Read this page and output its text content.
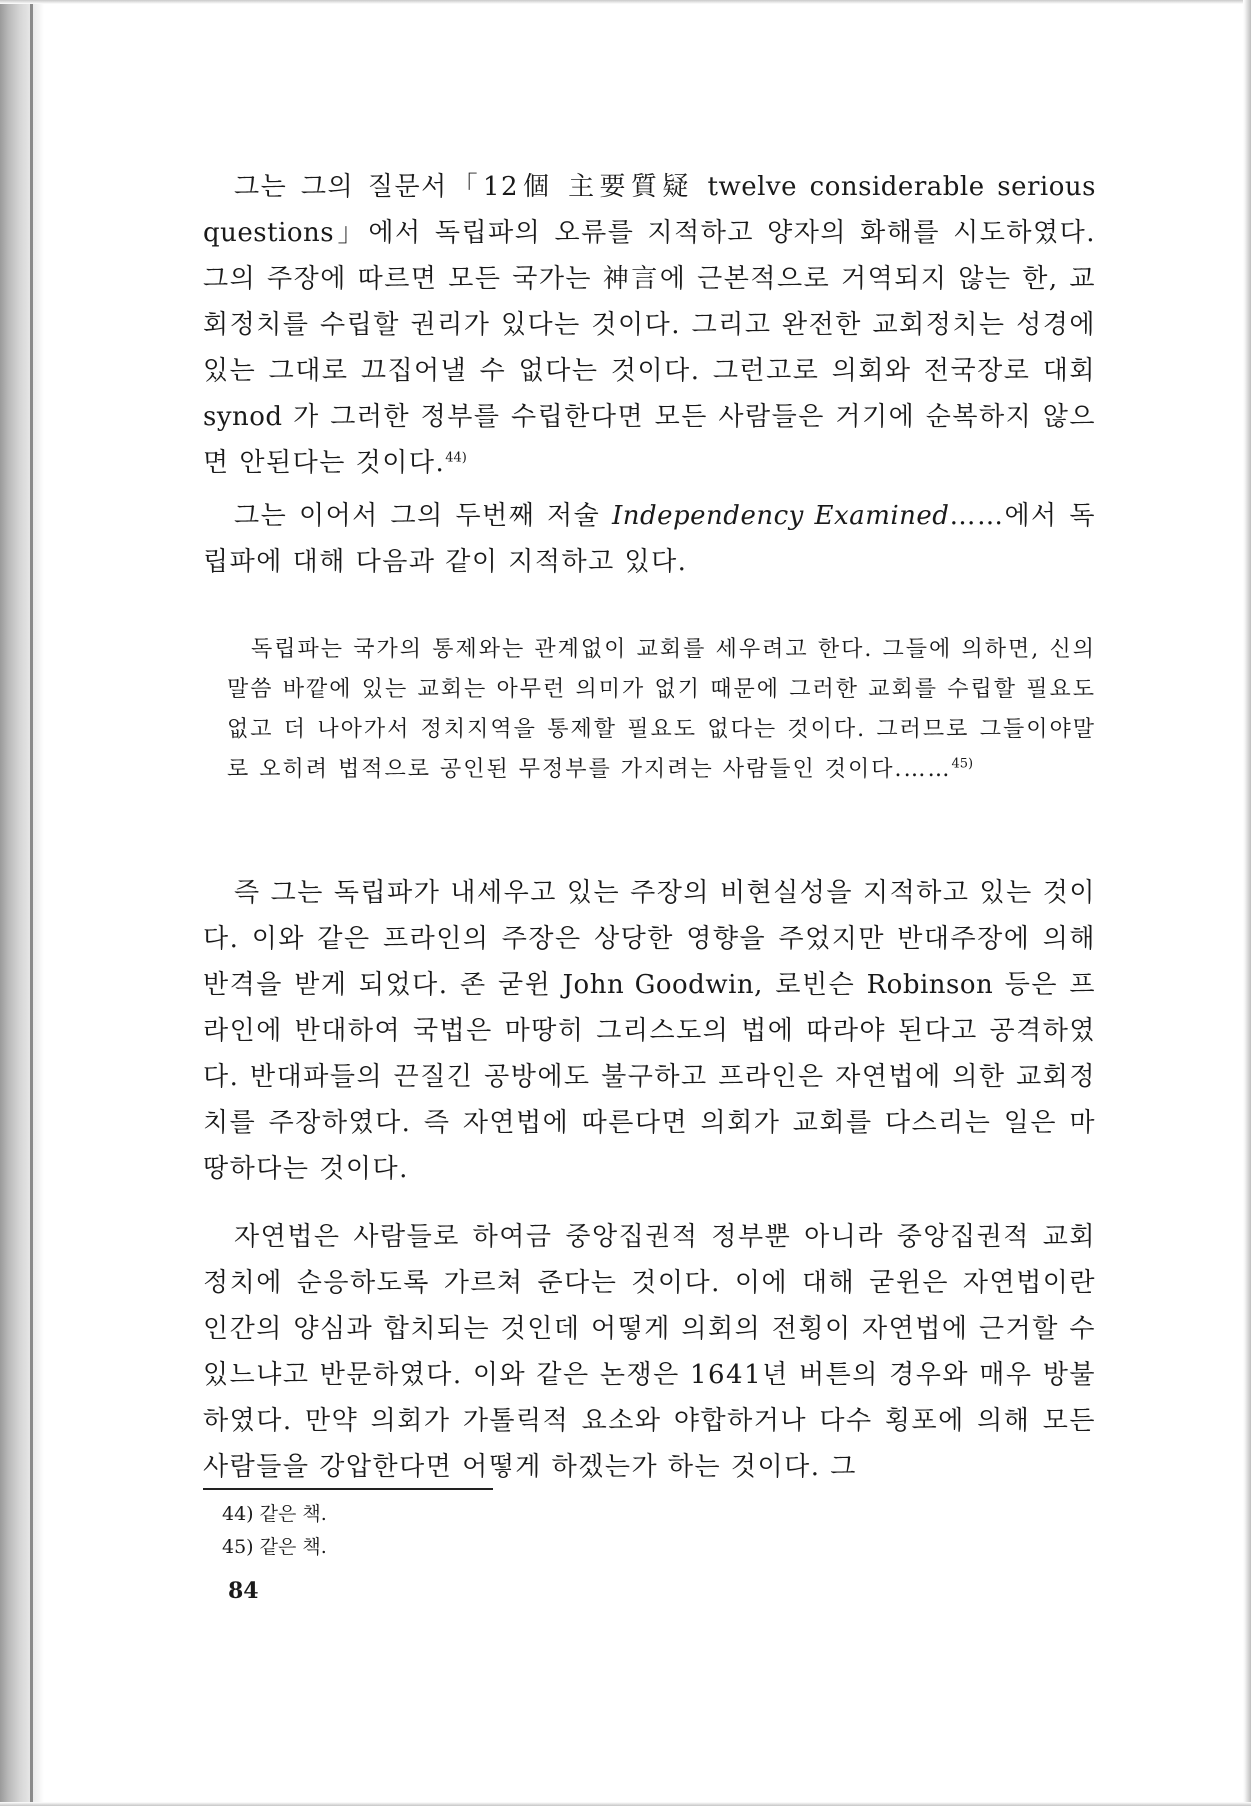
그는 그의 질문서「12個 主要質疑 twelve considerable serious questions」에서 독립파의 오류를 지적하고 양자의 화해를 시도하였다. 그의 주장에 따르면 모든 국가는 神言에 근본적으로 거역되지 않는 한, 교회정치를 수립할 권리가 있다는 것이다. 그리고 완전한 교회정치는 성경에 있는 그대로 끄집어낼 수 없다는 것이다. 그런고로 의회와 전국장로 대회 synod 가 그러한 정부를 수립한다면 모든 사람들은 거기에 순복하지 않으면 안된다는 것이다.$^{44)}$

그는 이어서 그의 두번째 저술 Independency Examined……에서 독립파에 대해 다음과 같이 지적하고 있다.

독립파는 국가의 통제와는 관계없이 교회를 세우려고 한다. 그들에 의하면, 신의 말씀 바깥에 있는 교회는 아무런 의미가 없기 때문에 그러한 교회를 수립할 필요도 없고 더 나아가서 정치지역을 통제할 필요도 없다는 것이다. 그러므로 그들이야말로 오히려 법적으로 공인된 무정부를 가지려는 사람들인 것이다.……$^{45)}$

즉 그는 독립파가 내세우고 있는 주장의 비현실성을 지적하고 있는 것이다. 이와 같은 프라인의 주장은 상당한 영향을 주었지만 반대주장에 의해 반격을 받게 되었다. 존 굳윈 John Goodwin, 로빈슨 Robinson 등은 프라인에 반대하여 국법은 마땅히 그리스도의 법에 따라야 된다고 공격하였다. 반대파들의 끈질긴 공방에도 불구하고 프라인은 자연법에 의한 교회정치를 주장하였다. 즉 자연법에 따른다면 의회가 교회를 다스리는 일은 마땅하다는 것이다.

자연법은 사람들로 하여금 중앙집권적 정부뿐 아니라 중앙집권적 교회정치에 순응하도록 가르쳐 준다는 것이다. 이에 대해 굳윈은 자연법이란 인간의 양심과 합치되는 것인데 어떻게 의회의 전횡이 자연법에 근거할 수 있느냐고 반문하였다. 이와 같은 논쟁은 1641년 버튼의 경우와 매우 방불하였다. 만약 의회가 가톨릭적 요소와 야합하거나 다수 횡포에 의해 모든 사람들을 강압한다면 어떻게 하겠는가 하는 것이다. 그

44) 같은 책.
45) 같은 책.
84
